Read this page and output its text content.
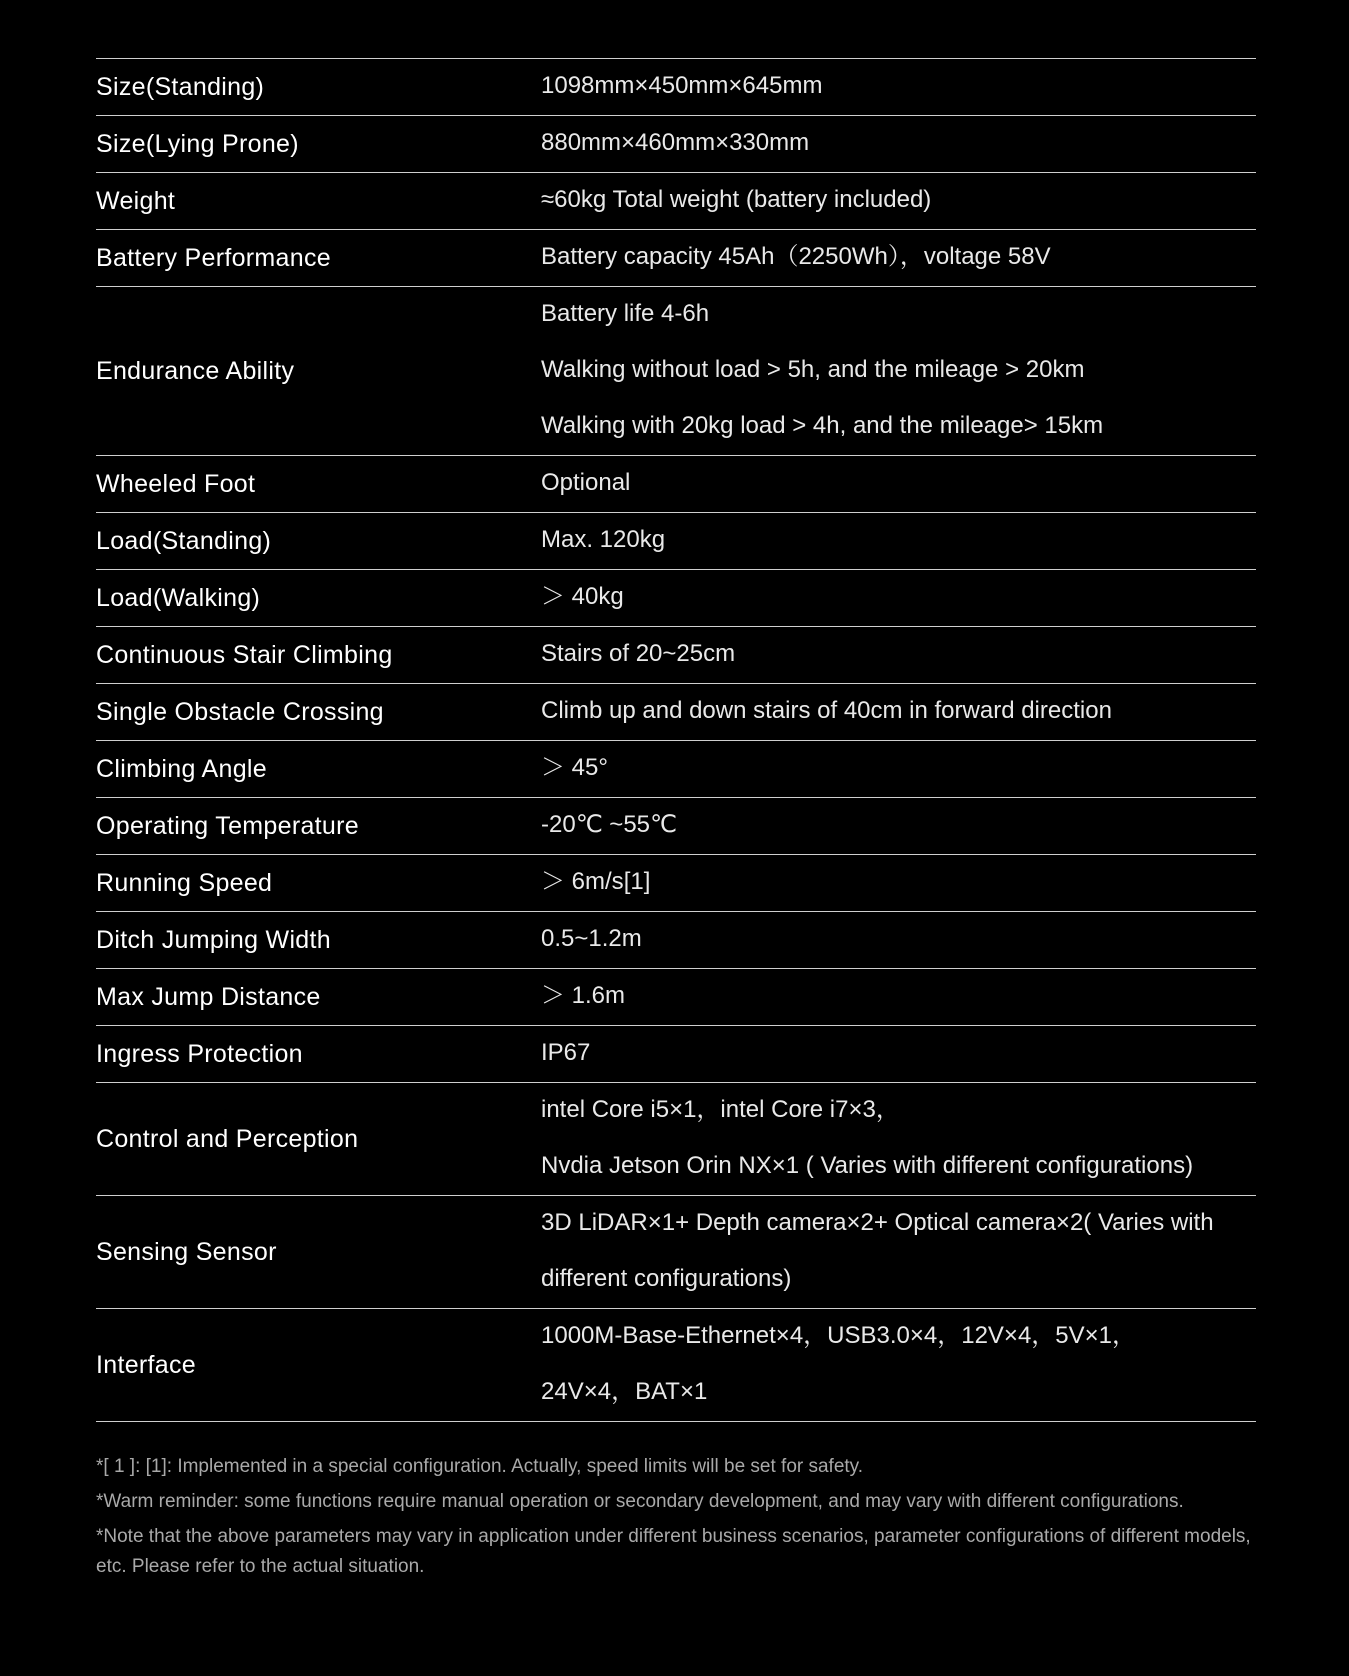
Size(Standing)	1098mm×450mm×645mm

Size(Lying Prone)	880mm×460mm×330mm

Weight	≈60kg Total weight (battery included)

Battery Performance	Battery capacity 45Ah（2250Wh），voltage 58V

Endurance Ability	Battery life 4-6h
Walking without load > 5h, and the mileage > 20km
Walking with 20kg load > 4h, and the mileage> 15km

Wheeled Foot	Optional

Load(Standing)	Max. 120kg

Load(Walking)	＞ 40kg

Continuous Stair Climbing	Stairs of 20~25cm

Single Obstacle Crossing	Climb up and down stairs of 40cm in forward direction

Climbing Angle	＞ 45°

Operating Temperature	-20℃ ~55℃

Running Speed	＞ 6m/s[1]

Ditch Jumping Width	0.5~1.2m

Max Jump Distance	＞ 1.6m

Ingress Protection	IP67

Control and Perception	intel Core i5×1，intel Core i7×3，
Nvdia Jetson Orin NX×1 ( Varies with different configurations)

Sensing Sensor	3D LiDAR×1+ Depth camera×2+ Optical camera×2( Varies with
different configurations)

Interface	1000M-Base-Ethernet×4，USB3.0×4，12V×4，5V×1，
24V×4，BAT×1
*[ 1 ]: [1]: Implemented in a special configuration. Actually, speed limits will be set for safety.
*Warm reminder: some functions require manual operation or secondary development, and may vary with different configurations.
*Note that the above parameters may vary in application under different business scenarios, parameter configurations of different models, etc. Please refer to the actual situation.
